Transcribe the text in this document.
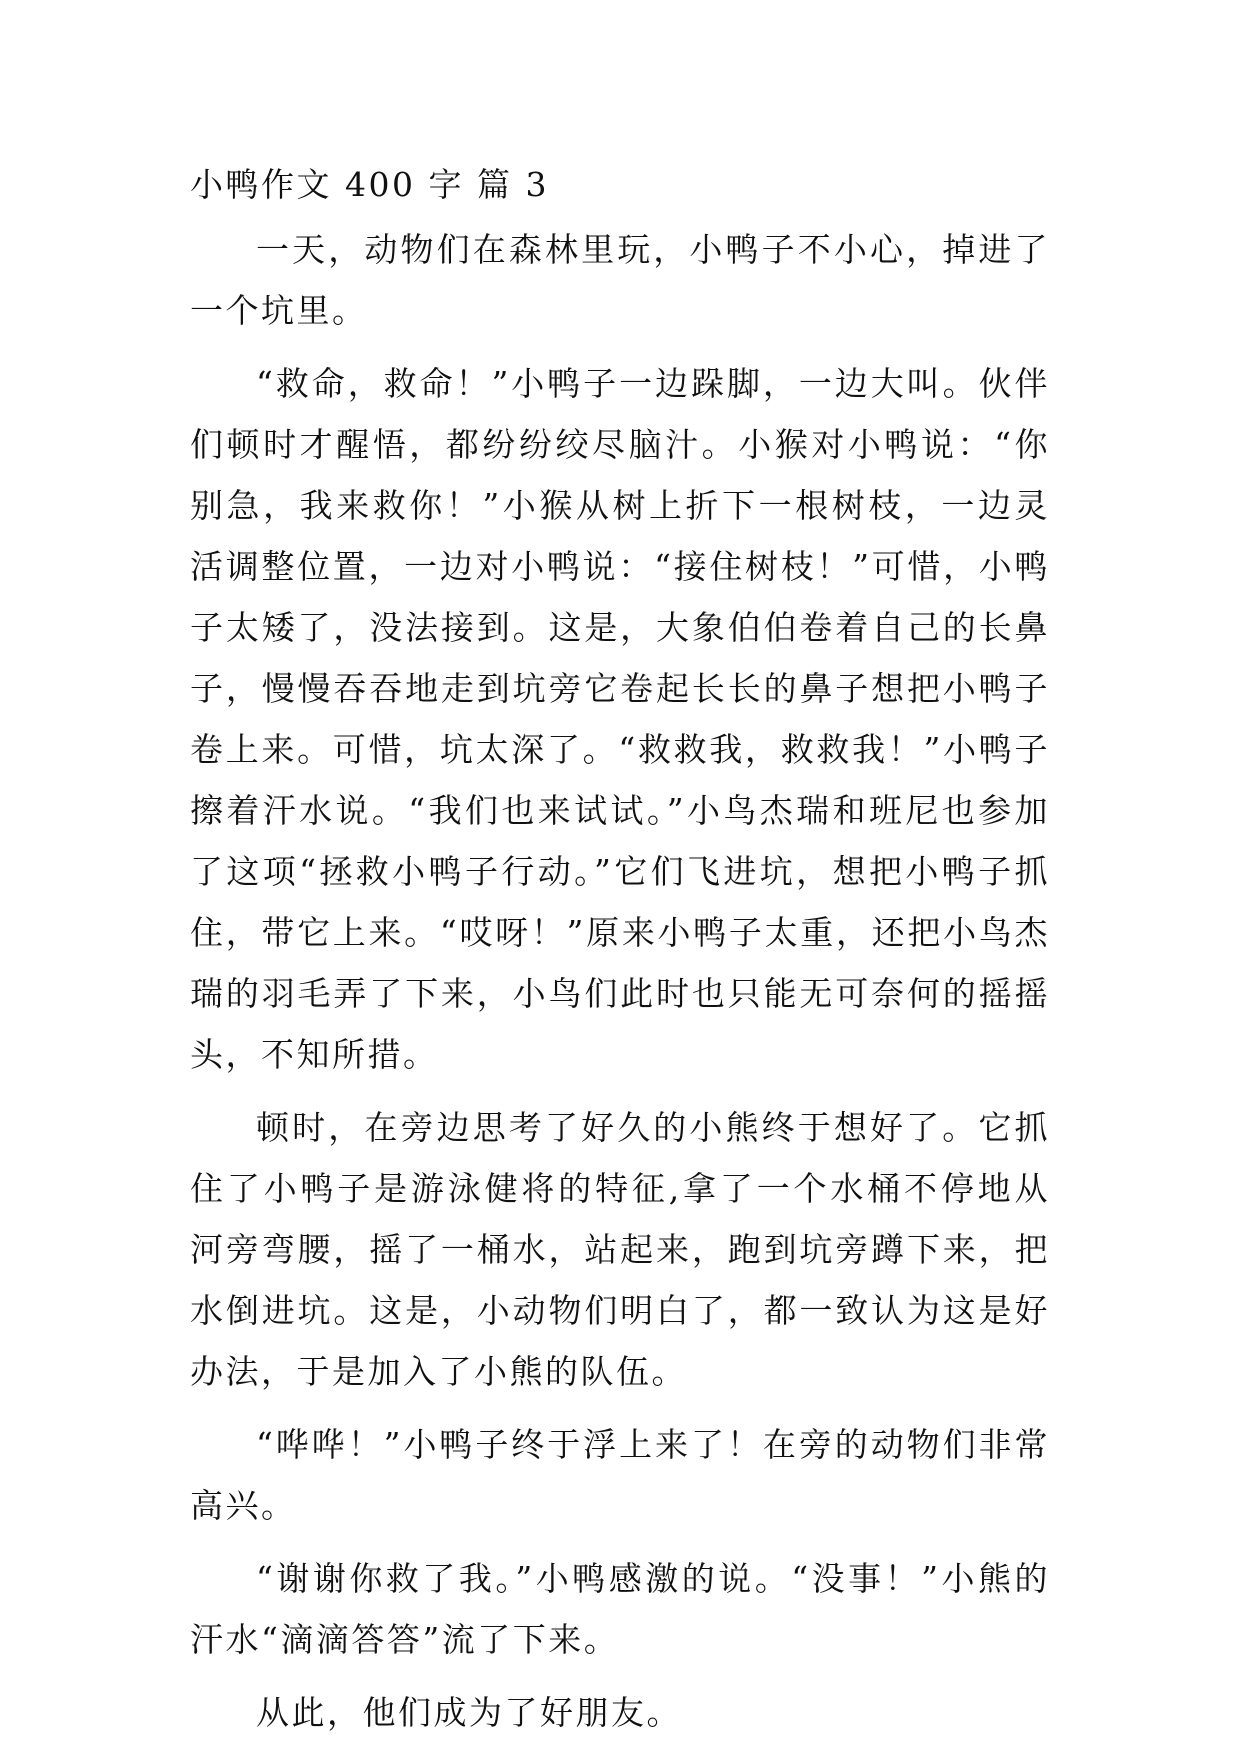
小鸭作文 400 字 篇 3

一天，动物们在森林里玩，小鸭子不小心，掉进了一个坑里。

“救命，救命！”小鸭子一边跺脚，一边大叫。伙伴们顿时才醒悟，都纷纷绞尽脑汁。小猴对小鸭说：“你别急，我来救你！”小猴从树上折下一根树枝，一边灵活调整位置，一边对小鸭说：“接住树枝！”可惜，小鸭子太矮了，没法接到。这是，大象伯伯卷着自己的长鼻子，慢慢吞吞地走到坑旁它卷起长长的鼻子想把小鸭子卷上来。可惜，坑太深了。“救救我，救救我！”小鸭子擦着汗水说。“我们也来试试。”小鸟杰瑞和班尼也参加了这项“拯救小鸭子行动。”它们飞进坑，想把小鸭子抓住，带它上来。“哎呀！”原来小鸭子太重，还把小鸟杰瑞的羽毛弄了下来，小鸟们此时也只能无可奈何的摇摇头，不知所措。

顿时，在旁边思考了好久的小熊终于想好了。它抓住了小鸭子是游泳健将的特征,拿了一个水桶不停地从河旁弯腰，摇了一桶水，站起来，跑到坑旁蹲下来，把水倒进坑。这是，小动物们明白了，都一致认为这是好办法，于是加入了小熊的队伍。

“哗哗！”小鸭子终于浮上来了！在旁的动物们非常高兴。

“谢谢你救了我。”小鸭感激的说。“没事！”小熊的汗水“滴滴答答”流了下来。

从此，他们成为了好朋友。
